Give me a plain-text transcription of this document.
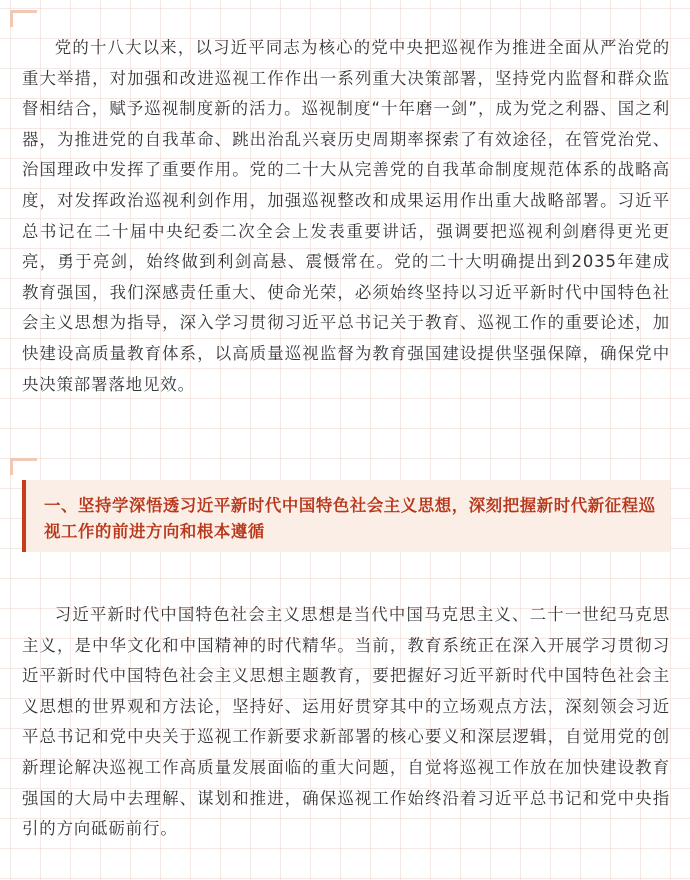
党的十八大以来，以习近平同志为核心的党中央把巡视作为推进全面从严治党的重大举措，对加强和改进巡视工作作出一系列重大决策部署，坚持党内监督和群众监督相结合，赋予巡视制度新的活力。巡视制度“十年磨一剑”，成为党之利器、国之利器，为推进党的自我革命、跳出治乱兴衰历史周期率探索了有效途径，在管党治党、治国理政中发挥了重要作用。党的二十大从完善党的自我革命制度规范体系的战略高度，对发挥政治巡视利剑作用，加强巡视整改和成果运用作出重大战略部署。习近平总书记在二十届中央纪委二次全会上发表重要讲话，强调要把巡视利剑磨得更光更亮，勇于亮剑，始终做到利剑高悬、震慑常在。党的二十大明确提出到2035年建成教育强国，我们深感责任重大、使命光荣，必须始终坚持以习近平新时代中国特色社会主义思想为指导，深入学习贯彻习近平总书记关于教育、巡视工作的重要论述，加快建设高质量教育体系，以高质量巡视监督为教育强国建设提供坚强保障，确保党中央决策部署落地见效。

一、坚持学深悟透习近平新时代中国特色社会主义思想，深刻把握新时代新征程巡视工作的前进方向和根本遵循

习近平新时代中国特色社会主义思想是当代中国马克思主义、二十一世纪马克思主义，是中华文化和中国精神的时代精华。当前，教育系统正在深入开展学习贯彻习近平新时代中国特色社会主义思想主题教育，要把握好习近平新时代中国特色社会主义思想的世界观和方法论，坚持好、运用好贯穿其中的立场观点方法，深刻领会习近平总书记和党中央关于巡视工作新要求新部署的核心要义和深层逻辑，自觉用党的创新理论解决巡视工作高质量发展面临的重大问题，自觉将巡视工作放在加快建设教育强国的大局中去理解、谋划和推进，确保巡视工作始终沿着习近平总书记和党中央指引的方向砥砺前行。
